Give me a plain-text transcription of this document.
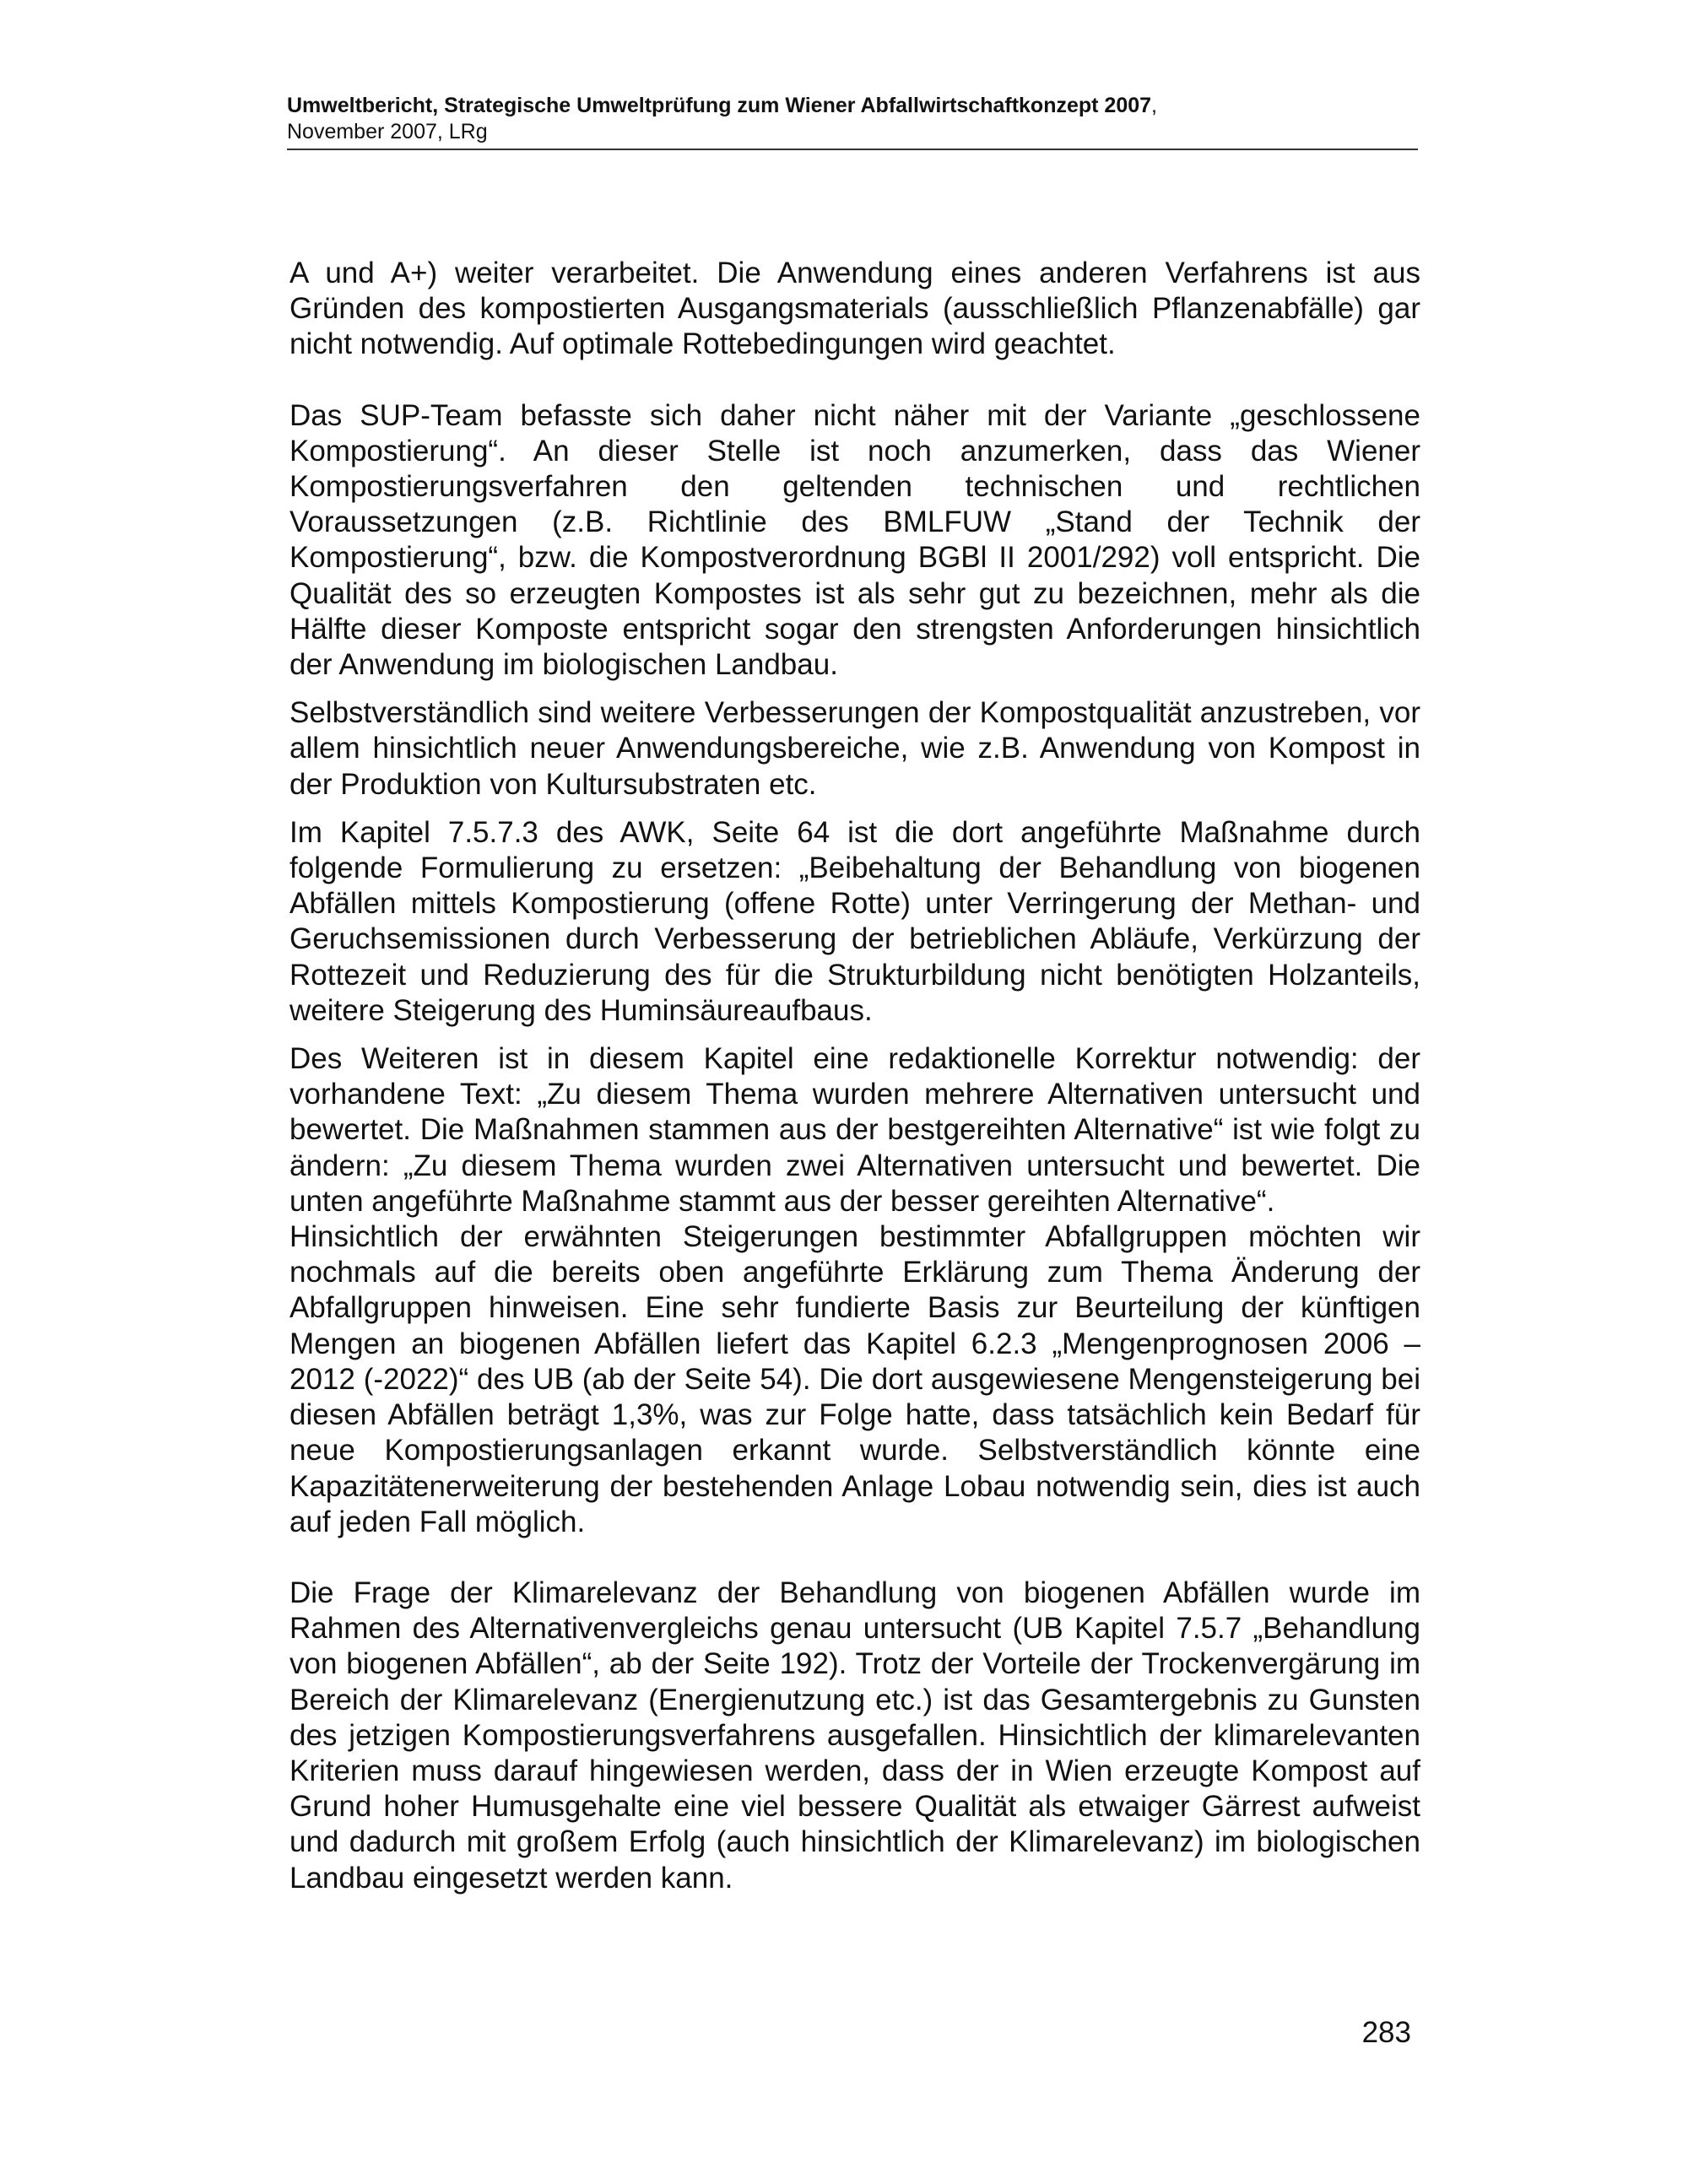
Umweltbericht, Strategische Umweltprüfung zum Wiener Abfallwirtschaftkonzept 2007,
November 2007, LRg

A und A+) weiter verarbeitet. Die Anwendung eines anderen Verfahrens ist aus Gründen des kompostierten Ausgangsmaterials (ausschließlich Pflanzenabfälle) gar nicht notwendig. Auf optimale Rottebedingungen wird geachtet.

Das SUP-Team befasste sich daher nicht näher mit der Variante „geschlossene Kompostierung“. An dieser Stelle ist noch anzumerken, dass das Wiener Kompostierungsverfahren den geltenden technischen und rechtlichen Voraussetzungen (z.B. Richtlinie des BMLFUW „Stand der Technik der Kompostierung“, bzw. die Kompostverordnung BGBl II 2001/292) voll entspricht. Die Qualität des so erzeugten Kompostes ist als sehr gut zu bezeichnen, mehr als die Hälfte dieser Komposte entspricht sogar den strengsten Anforderungen hinsichtlich der Anwendung im biologischen Landbau.

Selbstverständlich sind weitere Verbesserungen der Kompostqualität anzustreben, vor allem hinsichtlich neuer Anwendungsbereiche, wie z.B. Anwendung von Kompost in der Produktion von Kultursubstraten etc.

Im Kapitel 7.5.7.3 des AWK, Seite 64 ist die dort angeführte Maßnahme durch folgende Formulierung zu ersetzen: „Beibehaltung der Behandlung von biogenen Abfällen mittels Kompostierung (offene Rotte) unter Verringerung der Methan- und Geruchsemissionen durch Verbesserung der betrieblichen Abläufe, Verkürzung der Rottezeit und Reduzierung des für die Strukturbildung nicht benötigten Holzanteils, weitere Steigerung des Huminsäureaufbaus.

Des Weiteren ist in diesem Kapitel eine redaktionelle Korrektur notwendig: der vorhandene Text: „Zu diesem Thema wurden mehrere Alternativen untersucht und bewertet. Die Maßnahmen stammen aus der bestgereihten Alternative“ ist wie folgt zu ändern: „Zu diesem Thema wurden zwei Alternativen untersucht und bewertet. Die unten angeführte Maßnahme stammt aus der besser gereihten Alternative“.

Hinsichtlich der erwähnten Steigerungen bestimmter Abfallgruppen möchten wir nochmals auf die bereits oben angeführte Erklärung zum Thema Änderung der Abfallgruppen hinweisen. Eine sehr fundierte Basis zur Beurteilung der künftigen Mengen an biogenen Abfällen liefert das Kapitel 6.2.3 „Mengenprognosen 2006 – 2012 (-2022)“ des UB (ab der Seite 54). Die dort ausgewiesene Mengensteigerung bei diesen Abfällen beträgt 1,3%, was zur Folge hatte, dass tatsächlich kein Bedarf für neue Kompostierungsanlagen erkannt wurde. Selbstverständlich könnte eine Kapazitätenerweiterung der bestehenden Anlage Lobau notwendig sein, dies ist auch auf jeden Fall möglich.

Die Frage der Klimarelevanz der Behandlung von biogenen Abfällen wurde im Rahmen des Alternativenvergleichs genau untersucht (UB Kapitel 7.5.7 „Behandlung von biogenen Abfällen“, ab der Seite 192). Trotz der Vorteile der Trockenvergärung im Bereich der Klimarelevanz (Energienutzung etc.) ist das Gesamtergebnis zu Gunsten des jetzigen Kompostierungsverfahrens ausgefallen. Hinsichtlich der klimarelevanten Kriterien muss darauf hingewiesen werden, dass der in Wien erzeugte Kompost auf Grund hoher Humusgehalte eine viel bessere Qualität als etwaiger Gärrest aufweist und dadurch mit großem Erfolg (auch hinsichtlich der Klimarelevanz) im biologischen Landbau eingesetzt werden kann.

283
